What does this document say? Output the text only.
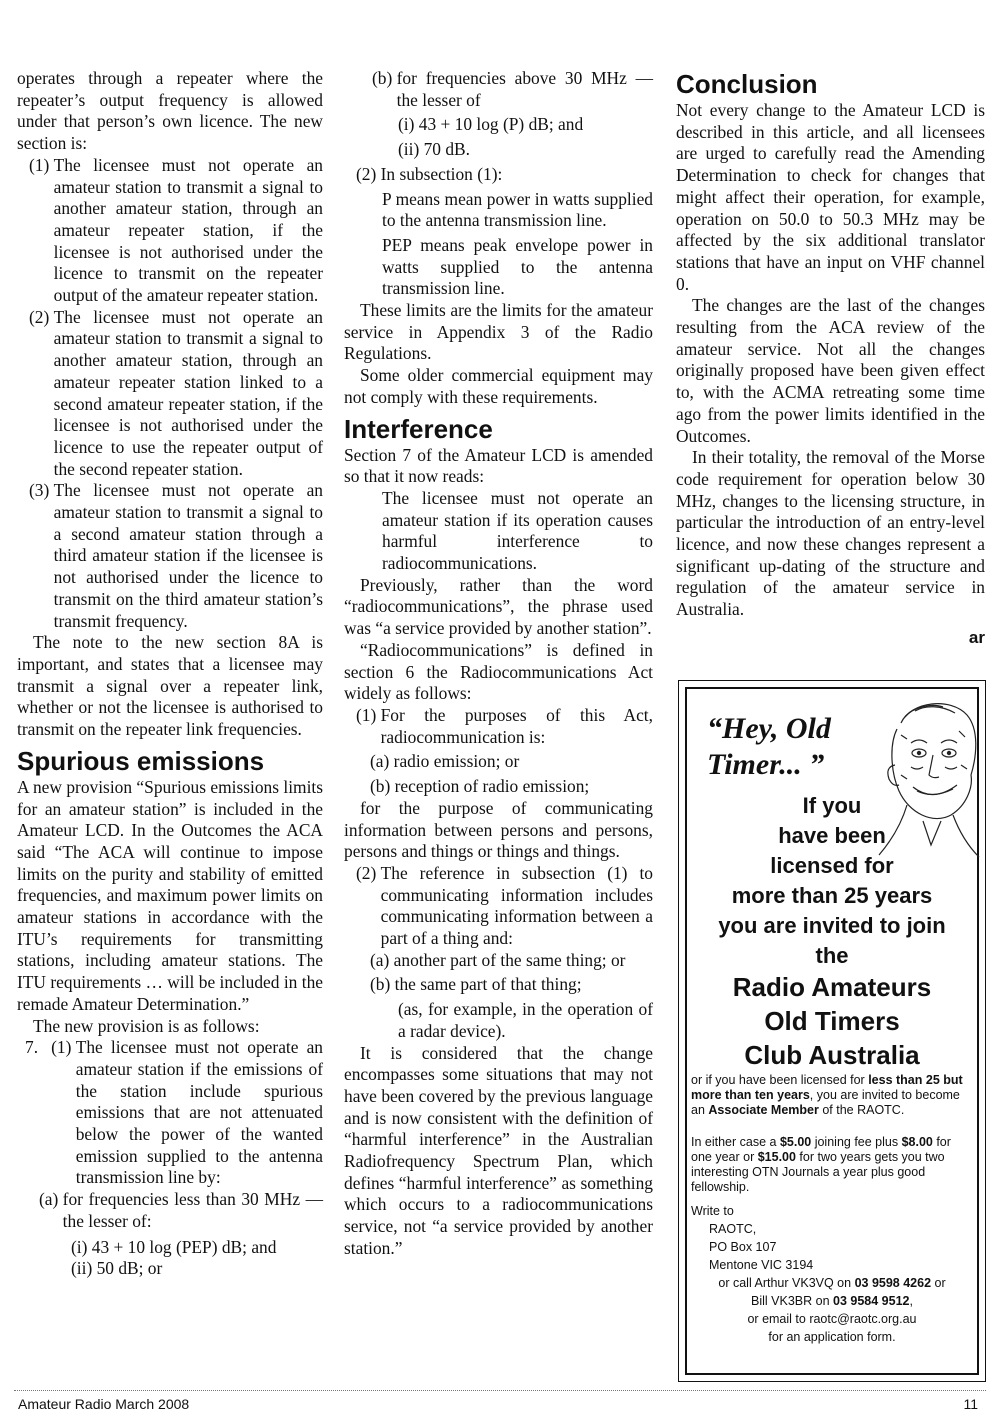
operates through a repeater where the repeater’s output frequency is allowed under that person’s own licence. The new section is:

(1)
The licensee must not operate an amateur station to transmit a signal to another amateur station, through an amateur repeater station, if the licensee is not authorised under the licence to transmit on the repeater output of the amateur repeater station.
(2)
The licensee must not operate an amateur station to transmit a signal to another amateur station, through an amateur repeater station linked to a second amateur repeater station, if the licensee is not authorised under the licence to use the repeater output of the second repeater station.
(3)
The licensee must not operate an amateur station to transmit a signal to a second amateur station through a third amateur station if the licensee is not authorised under the licence to transmit on the third amateur station’s transmit frequency.

The note to the new section 8A is important, and states that a licensee may transmit a signal over a repeater link, whether or not the licensee is authorised to transmit on the repeater link frequencies.

Spurious emissions

A new provision “Spurious emissions limits for an amateur station” is included in the Amateur LCD. In the Outcomes the ACA said “The ACA will continue to impose limits on the purity and stability of emitted frequencies, and maximum power limits on amateur stations in accordance with the ITU’s requirements for transmitting stations, including amateur stations. The ITU requirements … will be included in the remade Amateur Determination.”

The new provision is as follows:

7.
(1)
The licensee must not operate an amateur station if the emissions of the station include spurious emissions that are not attenuated below the power of the wanted emission supplied to the antenna transmission line by:
(a)
for frequencies less than 30 MHz — the lesser of:

(i) 43 + 10 log (PEP) dB; and

(ii) 50 dB; or

(b)
for frequencies above 30 MHz — the lesser of

(i) 43 + 10 log (P) dB; and

(ii) 70 dB.

(2) In subsection (1):

P means mean power in watts supplied to the antenna transmission line.

PEP means peak envelope power in watts supplied to the antenna transmission line.

These limits are the limits for the amateur service in Appendix 3 of the Radio Regulations.

Some older commercial equipment may not comply with these requirements.

Interference

Section 7 of the Amateur LCD is amended so that it now reads:

The licensee must not operate an amateur station if its operation causes harmful interference to radiocommunications.

Previously, rather than the word “radiocommunications”, the phrase used was “a service provided by another station”.

“Radiocommunications” is defined in section 6 the Radiocommunications Act widely as follows:

(1)
For the purposes of this Act, radiocommunication is:

(a) radio emission; or

(b) reception of radio emission;

for the purpose of communicating information between persons and persons, persons and things or things and things.

(2)
The reference in subsection (1) to communicating information includes communicating information between a part of a thing and:
(a)
another part of the same thing; or
(b)
the same part of that thing;

(as, for example, in the operation of a radar device).

It is considered that the change encompasses some situations that may not have been covered by the previous language and is now consistent with the definition of “harmful interference” in the Australian Radiofrequency Spectrum Plan, which defines “harmful interference” as something which occurs to a radiocommunications service, not “a service provided by another station.”

Conclusion

Not every change to the Amateur LCD is described in this article, and all licensees are urged to carefully read the Amending Determination to check for changes that might affect their operation, for example, operation on 50.0 to 50.3 MHz may be affected by the six additional translator stations that have an input on VHF channel 0.

The changes are the last of the changes resulting from the ACA review of the amateur service. Not all the changes originally proposed have been given effect to, with the ACMA retreating some time ago from the power limits identified in the Outcomes.

In their totality, the removal of the Morse code requirement for operation below 30 MHz, changes to the licensing structure, in particular the introduction of an entry-level licence, and now these changes represent a significant up-dating of the structure and regulation of the amateur service in Australia.

ar
“Hey, Old
Timer... ”
If you
have been
licensed for
more than 25 years
you are invited to join
the
Radio Amateurs
Old Timers
Club Australia
or if you have been licensed for less than 25 but more than ten years, you are invited to become an Associate Member of the RAOTC.
In either case a $5.00 joining fee plus $8.00 for one year or $15.00 for two years gets you two interesting OTN Journals a year plus good fellowship.
Write to
RAOTC,
PO Box 107
Mentone VIC 3194
or call Arthur VK3VQ on 03 9598 4262 or
Bill VK3BR on 03 9584 9512,
or email to raotc@raotc.org.au
for an application form.
Amateur Radio March 2008	11
